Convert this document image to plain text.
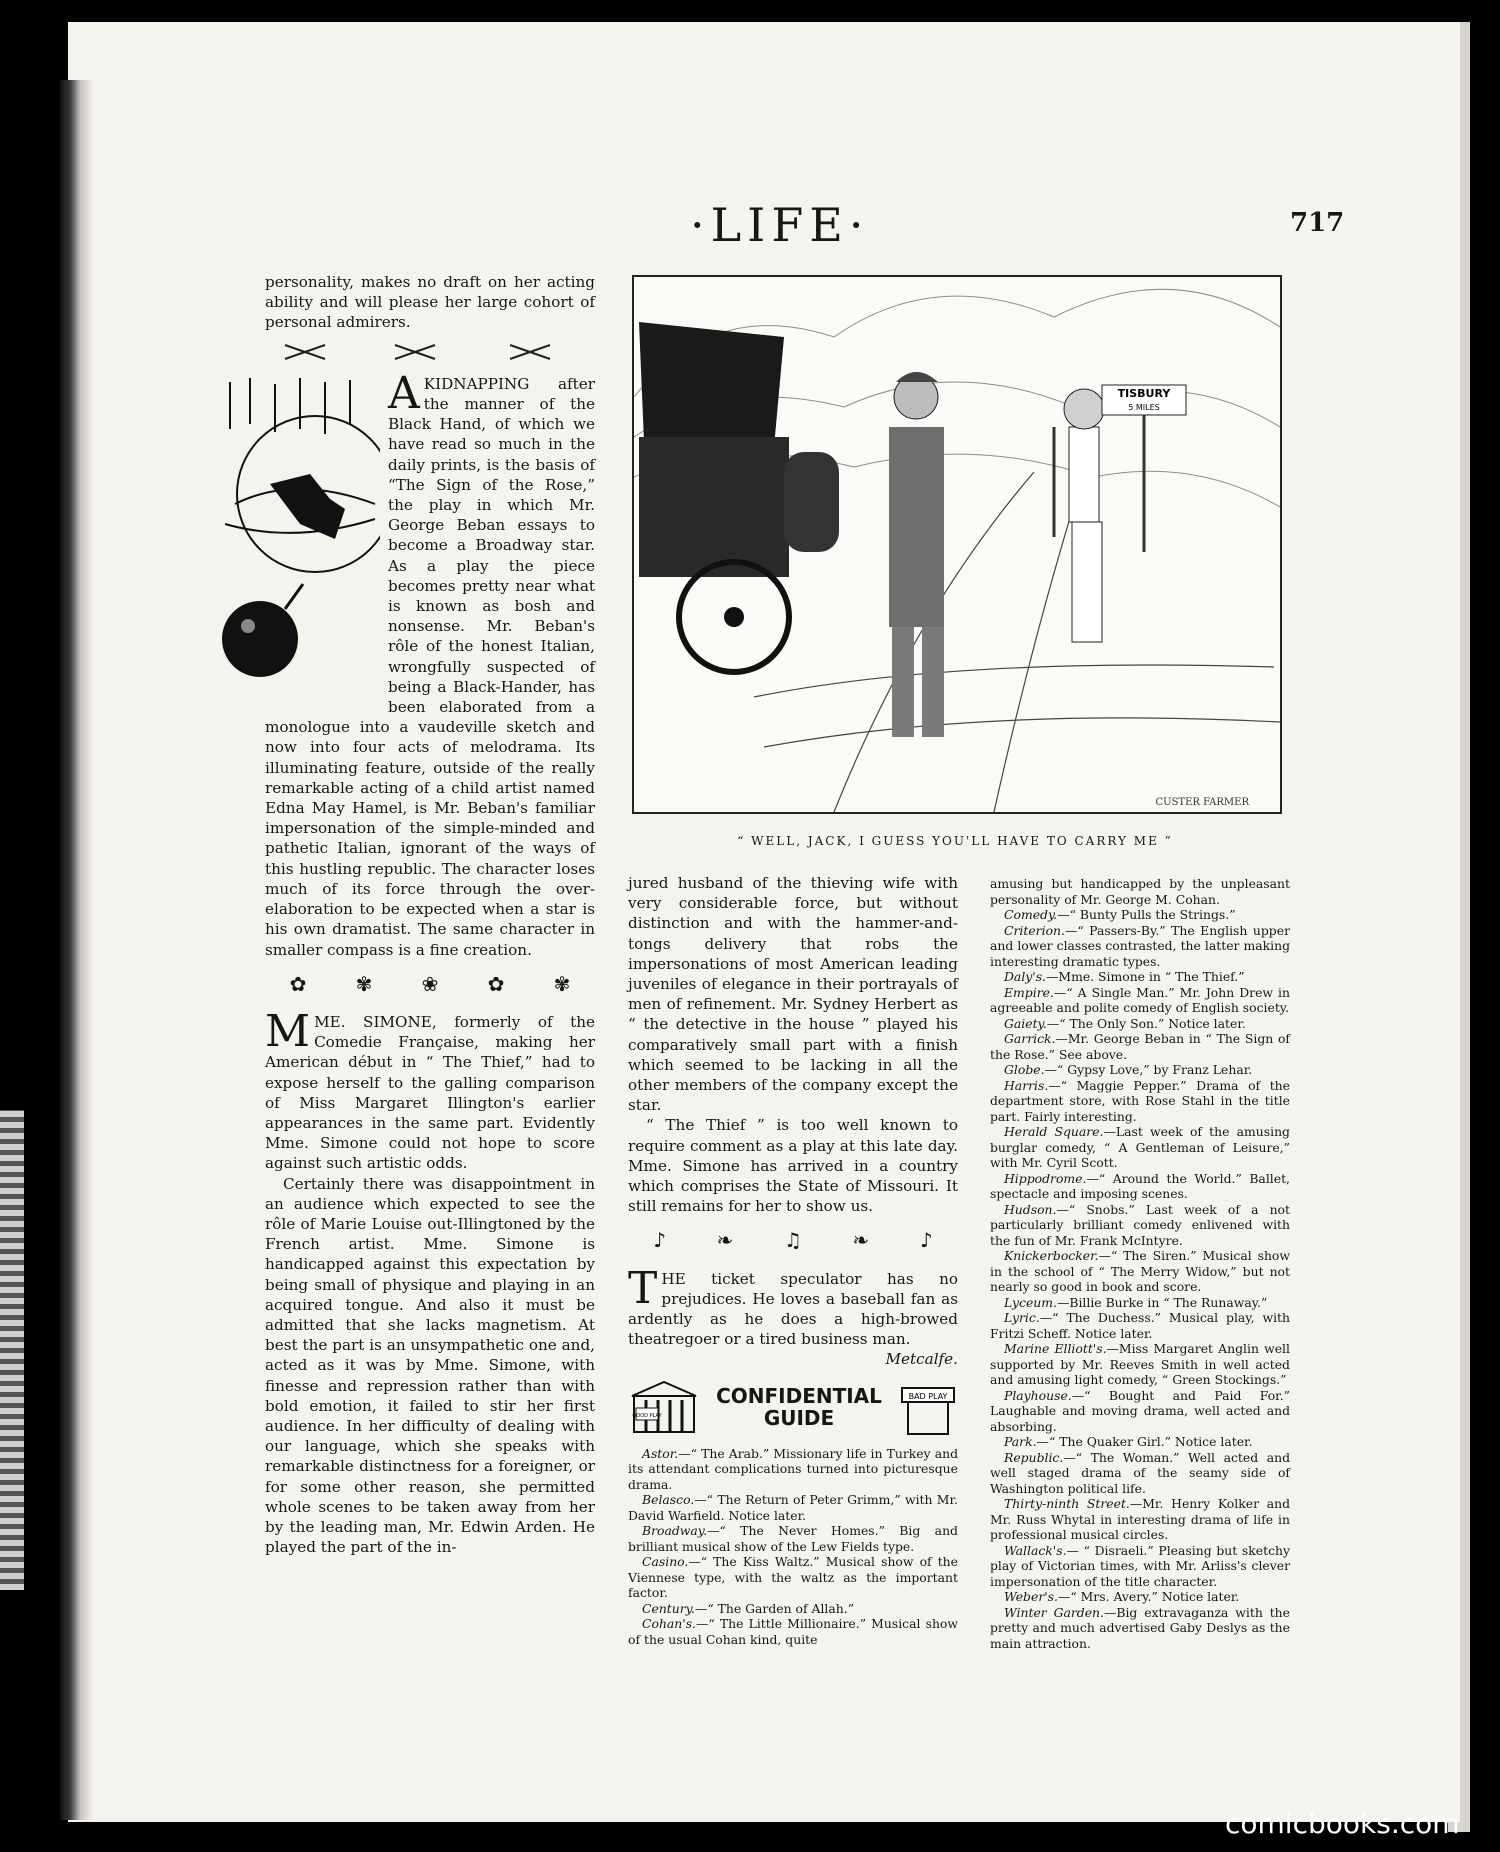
·LIFE·	717

personality, makes no draft on her acting ability and will please her large cohort of personal admirers.

AKIDNAPPING after the manner of the Black Hand, of which we have read so much in the daily prints, is the basis of “The Sign of the Rose,” the play in which Mr. George Beban essays to become a Broadway star. As a play the piece becomes pretty near what is known as bosh and nonsense. Mr. Beban's rôle of the honest Italian, wrongfully suspected of being a Black-Hander, has been elaborated from a monologue into a vaudeville sketch and now into four acts of melodrama. Its illuminating feature, outside of the really remarkable acting of a child artist named Edna May Hamel, is Mr. Beban's familiar impersonation of the simple-minded and pathetic Italian, ignorant of the ways of this hustling republic. The character loses much of its force through the over-elaboration to be expected when a star is his own dramatist. The same character in smaller compass is a fine creation.

✿ ✾ ❀ ✿ ✾

MME. SIMONE, formerly of the Comedie Française, making her American début in “ The Thief,” had to expose herself to the galling comparison of Miss Margaret Illington's earlier appearances in the same part. Evidently Mme. Simone could not hope to score against such artistic odds.

Certainly there was disappointment in an audience which expected to see the rôle of Marie Louise out-Illingtoned by the French artist. Mme. Simone is handicapped against this expectation by being small of physique and playing in an acquired tongue. And also it must be admitted that she lacks magnetism. At best the part is an unsympathetic one and, acted as it was by Mme. Simone, with finesse and repression rather than with bold emotion, it failed to stir her first audience. In her difficulty of dealing with our language, which she speaks with remarkable distinctness for a foreigner, or for some other reason, she permitted whole scenes to be taken away from her by the leading man, Mr. Edwin Arden. He played the part of the in-

TISBURY
5 MILES
CUSTER FARMER
“ WELL, JACK, I GUESS YOU'LL HAVE TO CARRY ME ”

jured husband of the thieving wife with very considerable force, but without distinction and with the hammer-and-tongs delivery that robs the impersonations of most American leading juveniles of elegance in their portrayals of men of refinement. Mr. Sydney Herbert as “ the detective in the house ” played his comparatively small part with a finish which seemed to be lacking in all the other members of the company except the star.

“ The Thief ” is too well known to require comment as a play at this late day. Mme. Simone has arrived in a country which comprises the State of Missouri. It still remains for her to show us.

♪	❧	♫	❧	♪

THE ticket speculator has no prejudices. He loves a baseball fan as ardently as he does a high-browed theatregoer or a tired business man.

Metcalfe.

GOOD PLAY
CONFIDENTIAL
GUIDE
BAD PLAY

Astor.—“ The Arab.” Missionary life in Turkey and its attendant complications turned into picturesque drama.

Belasco.—“ The Return of Peter Grimm,” with Mr. David Warfield. Notice later.

Broadway.—“ The Never Homes.” Big and brilliant musical show of the Lew Fields type.

Casino.—“ The Kiss Waltz.” Musical show of the Viennese type, with the waltz as the important factor.

Century.—“ The Garden of Allah.”

Cohan's.—“ The Little Millionaire.” Musical show of the usual Cohan kind, quite

amusing but handicapped by the unpleasant personality of Mr. George M. Cohan.

Comedy.—“ Bunty Pulls the Strings.”

Criterion.—“ Passers-By.” The English upper and lower classes contrasted, the latter making interesting dramatic types.

Daly's.—Mme. Simone in “ The Thief.”

Empire.—“ A Single Man.” Mr. John Drew in agreeable and polite comedy of English society.

Gaiety.—“ The Only Son.” Notice later.

Garrick.—Mr. George Beban in “ The Sign of the Rose.” See above.

Globe.—“ Gypsy Love,” by Franz Lehar.

Harris.—“ Maggie Pepper.” Drama of the department store, with Rose Stahl in the title part. Fairly interesting.

Herald Square.—Last week of the amusing burglar comedy, “ A Gentleman of Leisure,” with Mr. Cyril Scott.

Hippodrome.—“ Around the World.” Ballet, spectacle and imposing scenes.

Hudson.—“ Snobs.” Last week of a not particularly brilliant comedy enlivened with the fun of Mr. Frank McIntyre.

Knickerbocker.—“ The Siren.” Musical show in the school of “ The Merry Widow,” but not nearly so good in book and score.

Lyceum.—Billie Burke in “ The Runaway.”

Lyric.—“ The Duchess.” Musical play, with Fritzi Scheff. Notice later.

Marine Elliott's.—Miss Margaret Anglin well supported by Mr. Reeves Smith in well acted and amusing light comedy, “ Green Stockings.”

Playhouse.—“ Bought and Paid For.” Laughable and moving drama, well acted and absorbing.

Park.—“ The Quaker Girl.” Notice later.

Republic.—“ The Woman.” Well acted and well staged drama of the seamy side of Washington political life.

Thirty-ninth Street.—Mr. Henry Kolker and Mr. Russ Whytal in interesting drama of life in professional musical circles.

Wallack's.— “ Disraeli.” Pleasing but sketchy play of Victorian times, with Mr. Arliss's clever impersonation of the title character.

Weber's.—“ Mrs. Avery.” Notice later.

Winter Garden.—Big extravaganza with the pretty and much advertised Gaby Deslys as the main attraction.

comicbooks.com
